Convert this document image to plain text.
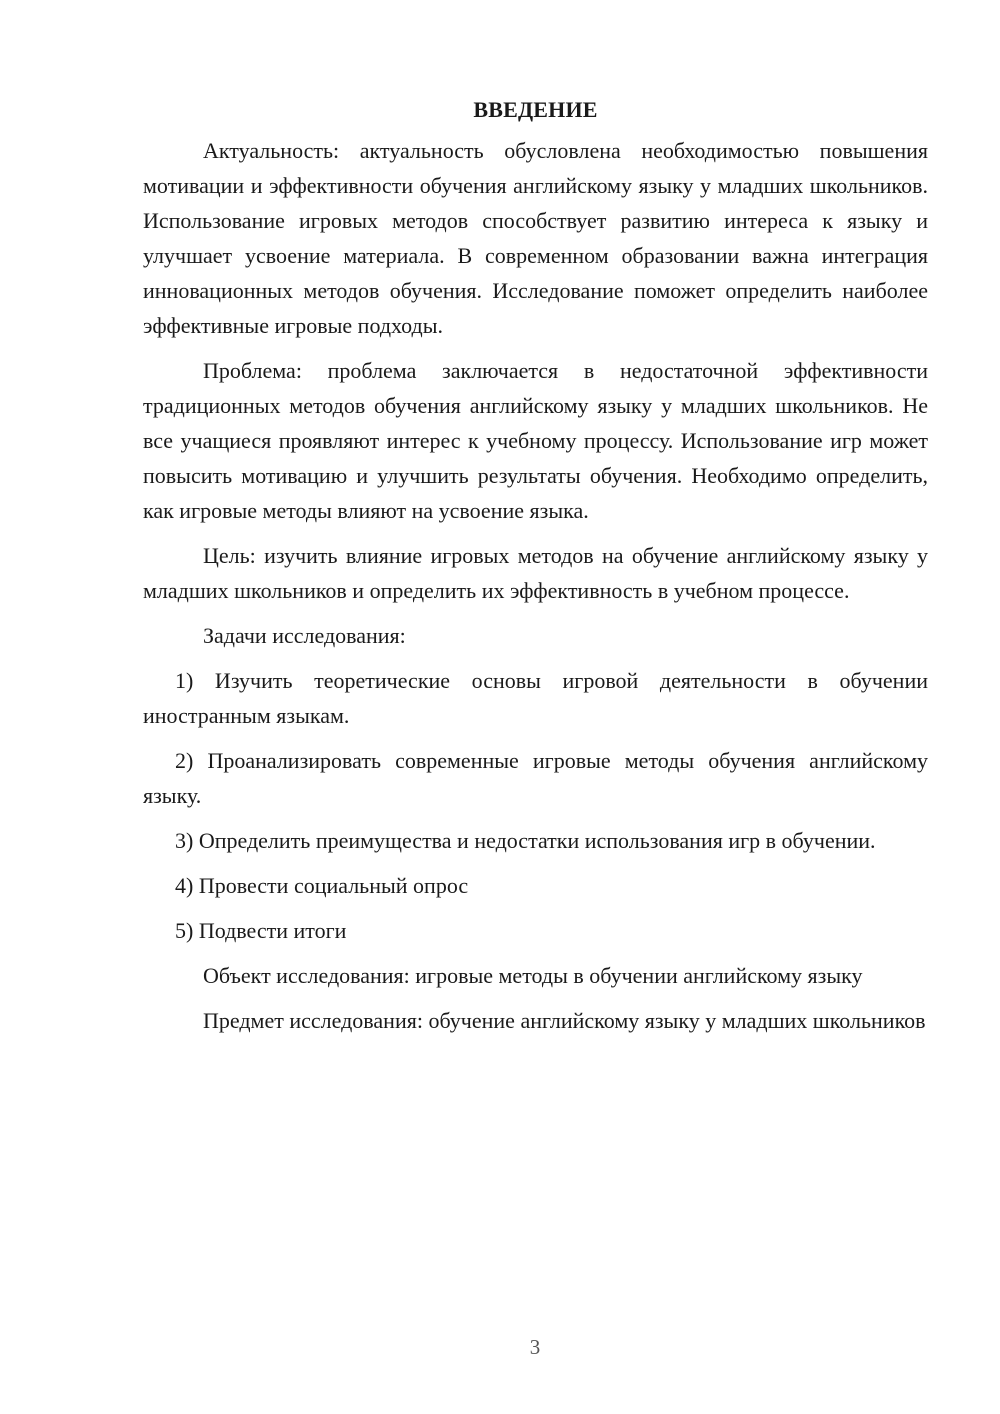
ВВЕДЕНИЕ

Актуальность: актуальность обусловлена необходимостью повышения мотивации и эффективности обучения английскому языку у младших школьников. Использование игровых методов способствует развитию интереса к языку и улучшает усвоение материала. В современном образовании важна интеграция инновационных методов обучения. Исследование поможет определить наиболее эффективные игровые подходы.

Проблема: проблема заключается в недостаточной эффективности традиционных методов обучения английскому языку у младших школьников. Не все учащиеся проявляют интерес к учебному процессу. Использование игр может повысить мотивацию и улучшить результаты обучения. Необходимо определить, как игровые методы влияют на усвоение языка.

Цель: изучить влияние игровых методов на обучение английскому языку у младших школьников и определить их эффективность в учебном процессе.

Задачи исследования:

1) Изучить теоретические основы игровой деятельности в обучении иностранным языкам.

2) Проанализировать современные игровые методы обучения английскому языку.

3) Определить преимущества и недостатки использования игр в обучении.

4) Провести социальный опрос

5) Подвести итоги

Объект исследования: игровые методы в обучении английскому языку

Предмет исследования: обучение английскому языку у младших школьников

3
